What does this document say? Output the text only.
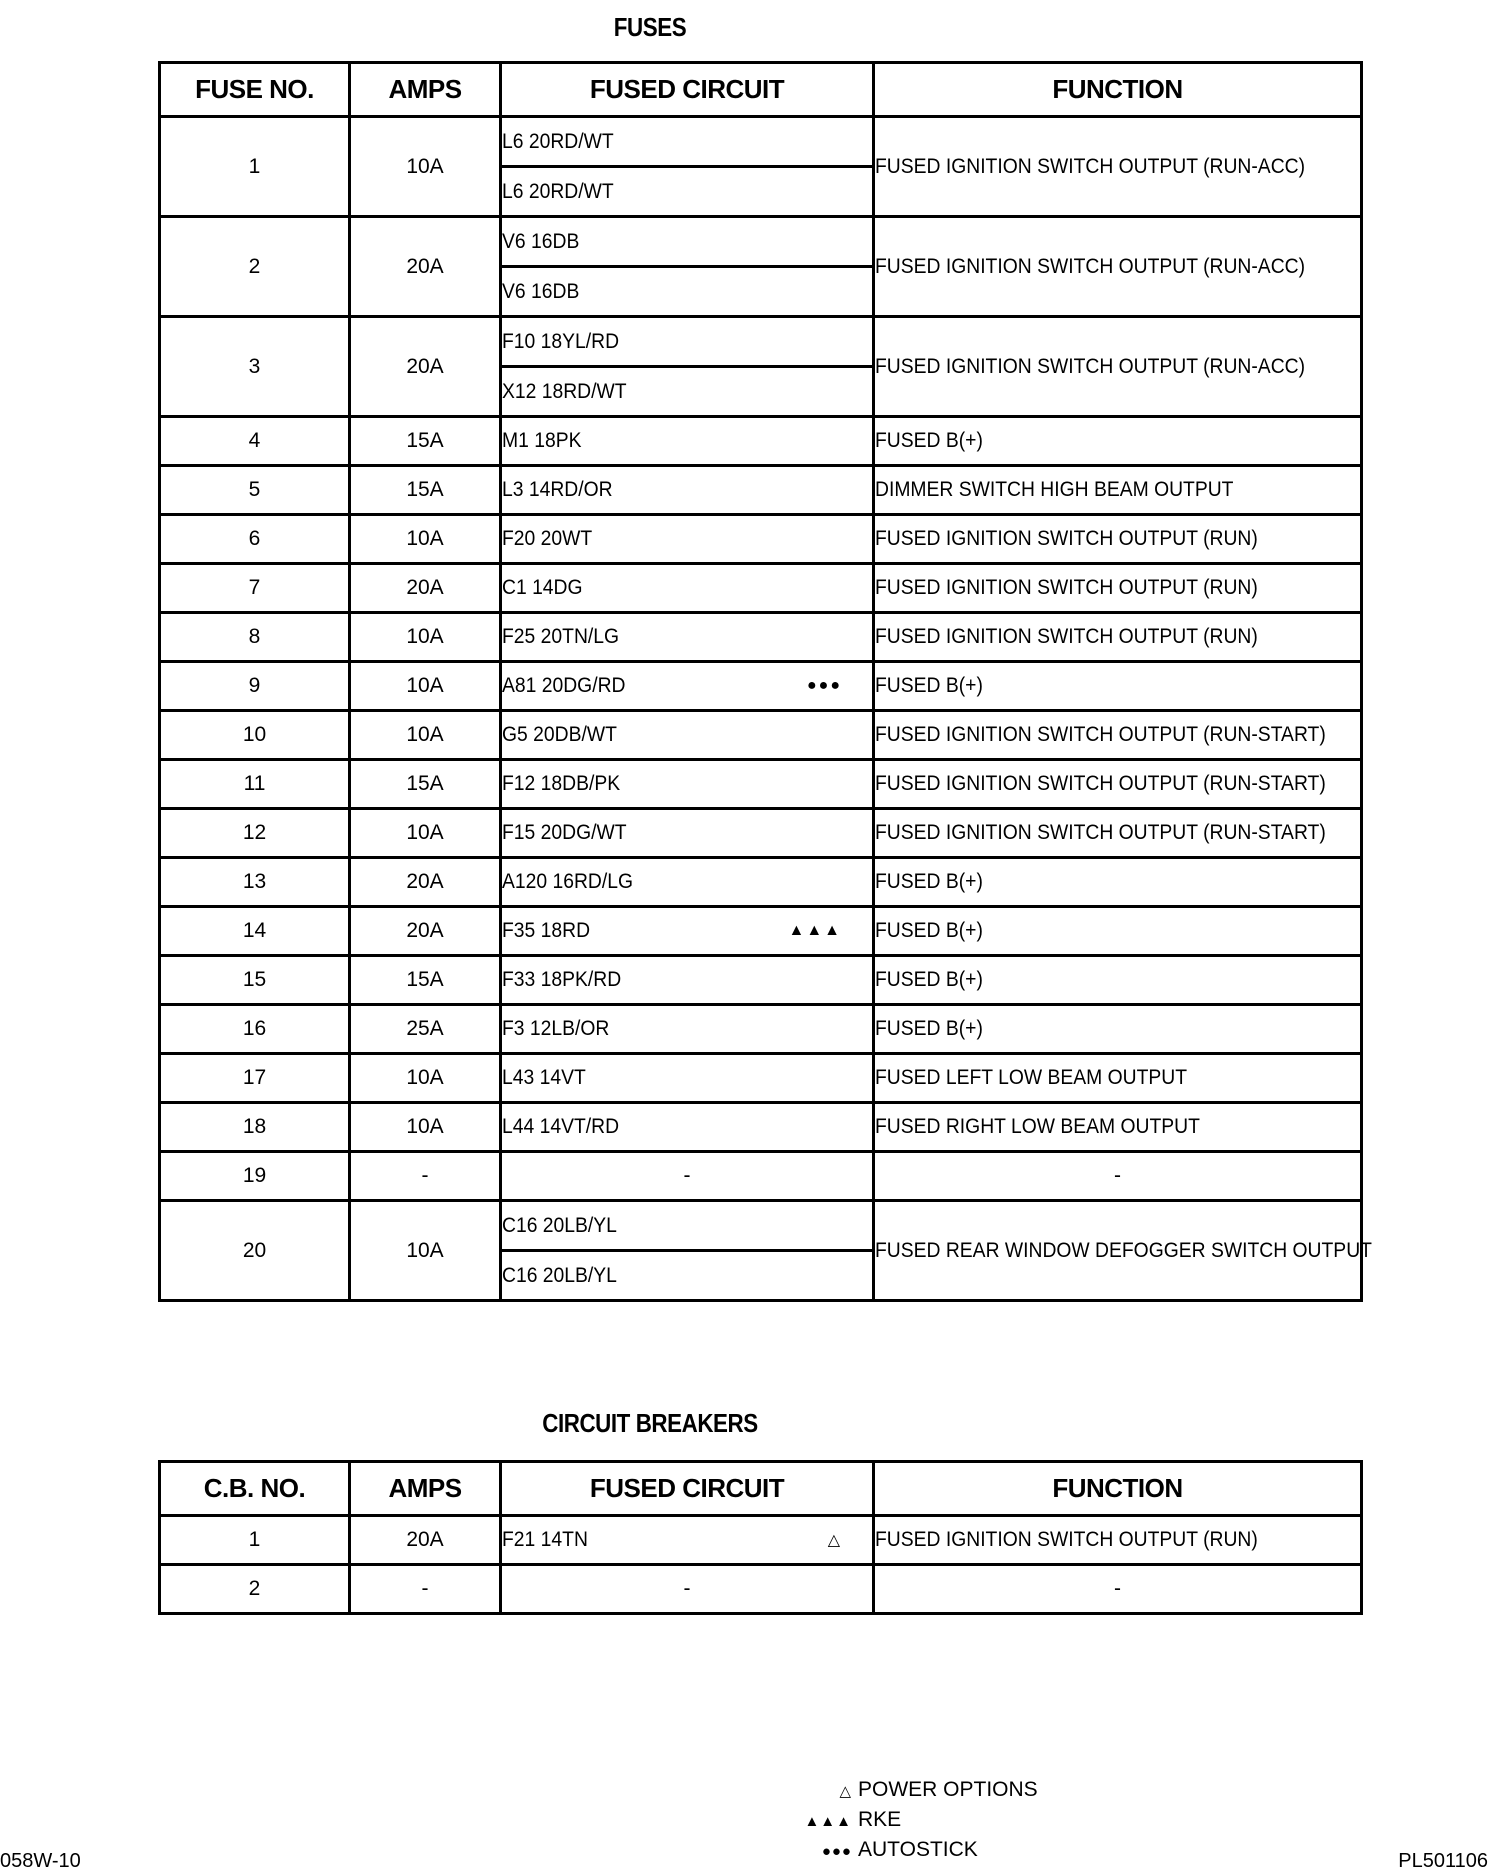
FUSES
FUSE NO.	AMPS	FUSED CIRCUIT	FUNCTION
1	10A	L6 20RD/WT	FUSED IGNITION SWITCH OUTPUT (RUN-ACC)
		L6 20RD/WT	
2	20A	V6 16DB	FUSED IGNITION SWITCH OUTPUT (RUN-ACC)
		V6 16DB	
3	20A	F10 18YL/RD	FUSED IGNITION SWITCH OUTPUT (RUN-ACC)
		X12 18RD/WT	
4	15A	M1 18PK	FUSED B(+)
5	15A	L3 14RD/OR	DIMMER SWITCH HIGH BEAM OUTPUT
6	10A	F20 20WT	FUSED IGNITION SWITCH OUTPUT (RUN)
7	20A	C1 14DG	FUSED IGNITION SWITCH OUTPUT (RUN)
8	10A	F25 20TN/LG	FUSED IGNITION SWITCH OUTPUT (RUN)
9	10A	A81 20DG/RD ●●●	FUSED B(+)
10	10A	G5 20DB/WT	FUSED IGNITION SWITCH OUTPUT (RUN-START)
11	15A	F12 18DB/PK	FUSED IGNITION SWITCH OUTPUT (RUN-START)
12	10A	F15 20DG/WT	FUSED IGNITION SWITCH OUTPUT (RUN-START)
13	20A	A120 16RD/LG	FUSED B(+)
14	20A	F35 18RD ▲▲▲	FUSED B(+)
15	15A	F33 18PK/RD	FUSED B(+)
16	25A	F3 12LB/OR	FUSED B(+)
17	10A	L43 14VT	FUSED LEFT LOW BEAM OUTPUT
18	10A	L44 14VT/RD	FUSED RIGHT LOW BEAM OUTPUT
19	-	-	-
20	10A	C16 20LB/YL	FUSED REAR WINDOW DEFOGGER SWITCH OUTPUT
		C16 20LB/YL	
CIRCUIT BREAKERS
C.B. NO.	AMPS	FUSED CIRCUIT	FUNCTION
1	20A	F21 14TN △	FUSED IGNITION SWITCH OUTPUT (RUN)
2	-	-	-
△ POWER OPTIONS
▲▲▲ RKE
●●● AUTOSTICK
058W-10	PL501106
